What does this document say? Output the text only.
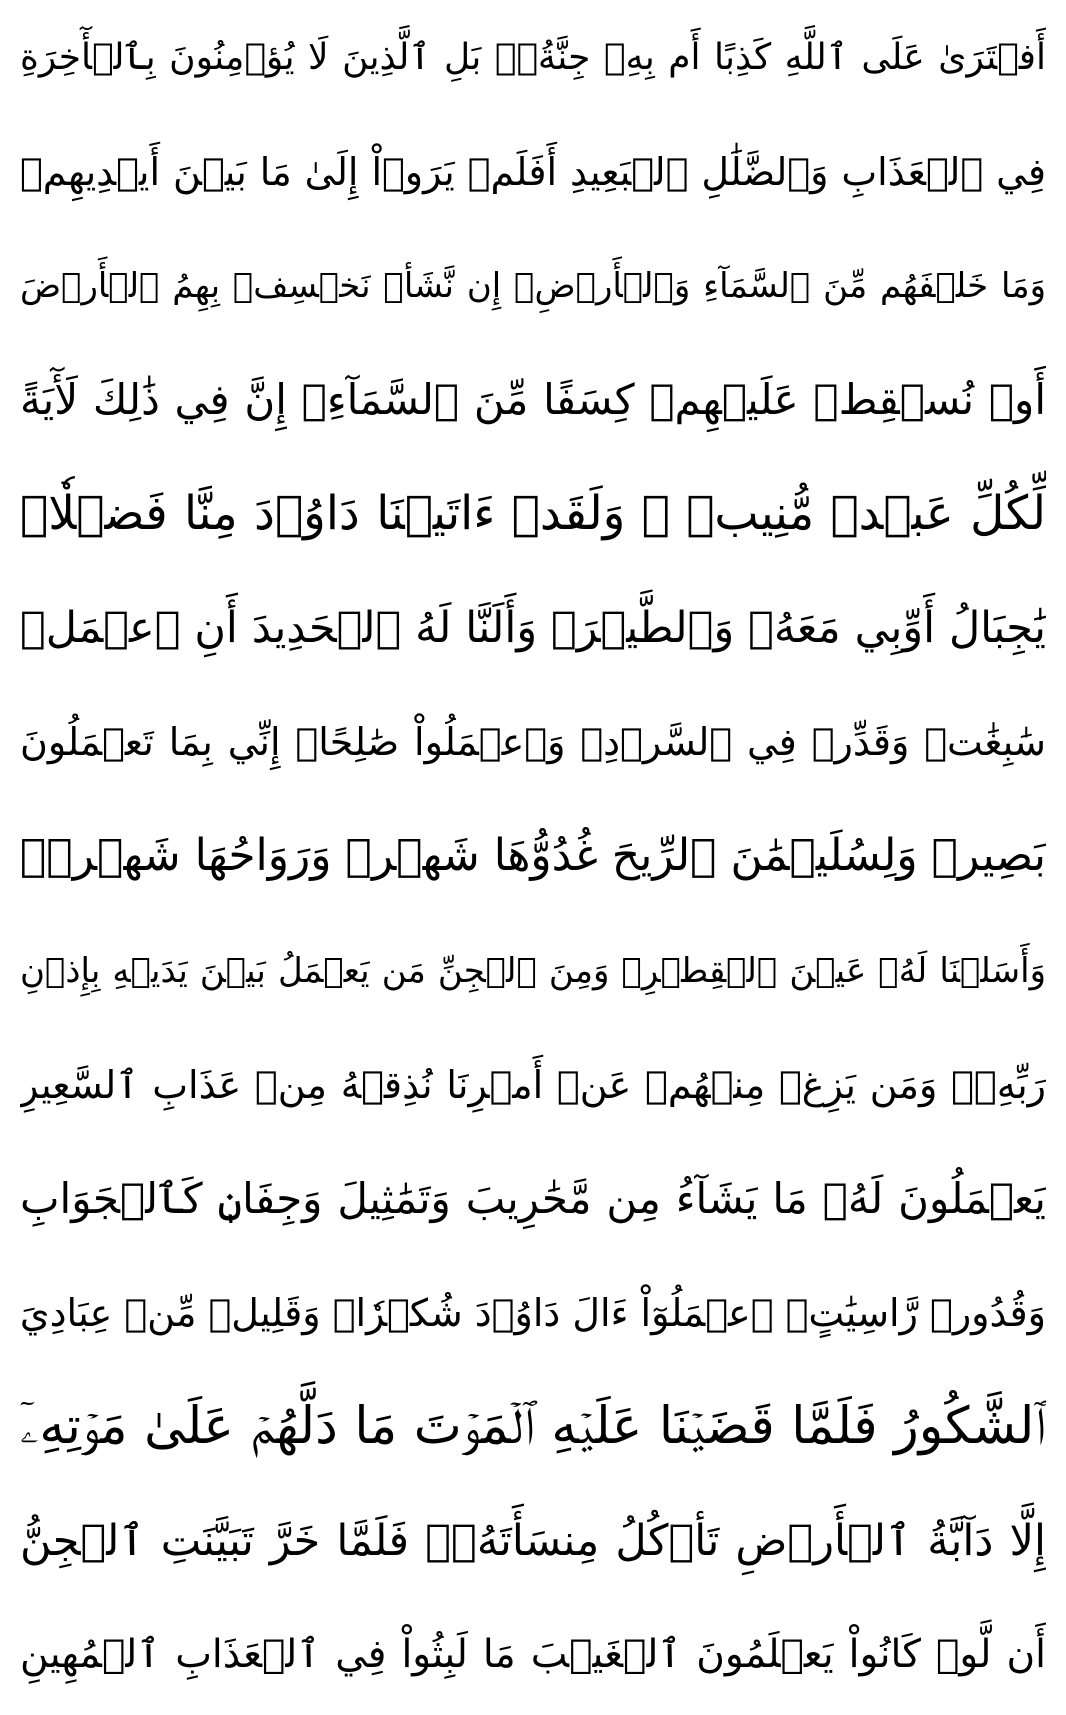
أَفۡتَرَىٰ عَلَى ٱللَّهِ كَذِبًا أَم بِهِۦ جِنَّةُۢۗ بَلِ ٱلَّذِينَ لَا يُؤۡمِنُونَ بِٱلۡأٓخِرَةِ
فِي ٱلۡعَذَابِ وَٱلضَّلَٰلِ ٱلۡبَعِيدِ أَفَلَمۡ يَرَوۡاْ إِلَىٰ مَا بَيۡنَ أَيۡدِيهِمۡ
وَمَا خَلۡفَهُم مِّنَ ٱلسَّمَآءِ وَٱلۡأَرۡضِۚ إِن نَّشَأۡ نَخۡسِفۡ بِهِمُ ٱلۡأَرۡضَ
أَوۡ نُسۡقِطۡ عَلَيۡهِمۡ كِسَفًا مِّنَ ٱلسَّمَآءِۚ إِنَّ فِي ذَٰلِكَ لَأٓيَةً
لِّكُلِّ عَبۡدٖ مُّنِيبٖ ۞ وَلَقَدۡ ءَاتَيۡنَا دَاوُۥدَ مِنَّا فَضۡلٗاۖ
يَٰجِبَالُ أَوِّبِي مَعَهُۥ وَٱلطَّيۡرَۖ وَأَلَنَّا لَهُ ٱلۡحَدِيدَ أَنِ ٱعۡمَلۡ
سَٰبِغَٰتٖ وَقَدِّرۡ فِي ٱلسَّرۡدِۖ وَٱعۡمَلُواْ صَٰلِحًاۖ إِنِّي بِمَا تَعۡمَلُونَ
بَصِيرٞ وَلِسُلَيۡمَٰنَ ٱلرِّيحَ غُدُوُّهَا شَهۡرٞ وَرَوَاحُهَا شَهۡرٞۖ
وَأَسَلۡنَا لَهُۥ عَيۡنَ ٱلۡقِطۡرِۖ وَمِنَ ٱلۡجِنِّ مَن يَعۡمَلُ بَيۡنَ يَدَيۡهِ بِإِذۡنِ
رَبِّهِۦۖ وَمَن يَزِغۡ مِنۡهُمۡ عَنۡ أَمۡرِنَا نُذِقۡهُ مِنۡ عَذَابِ ٱلسَّعِيرِ
يَعۡمَلُونَ لَهُۥ مَا يَشَآءُ مِن مَّحَٰرِيبَ وَتَمَٰثِيلَ وَجِفَانٖ كَٱلۡجَوَابِ
وَقُدُورٖ رَّاسِيَٰتٍۚ ٱعۡمَلُوٓاْ ءَالَ دَاوُۥدَ شُكۡرٗاۚ وَقَلِيلٞ مِّنۡ عِبَادِيَ
ٱلشَّكُورُ فَلَمَّا قَضَيۡنَا عَلَيۡهِ ٱلۡمَوۡتَ مَا دَلَّهُمۡ عَلَىٰ مَوۡتِهِۦٓ
إِلَّا دَآبَّةُ ٱلۡأَرۡضِ تَأۡكُلُ مِنسَأَتَهُۥۖ فَلَمَّا خَرَّ تَبَيَّنَتِ ٱلۡجِنُّ
أَن لَّوۡ كَانُواْ يَعۡلَمُونَ ٱلۡغَيۡبَ مَا لَبِثُواْ فِي ٱلۡعَذَابِ ٱلۡمُهِينِ
